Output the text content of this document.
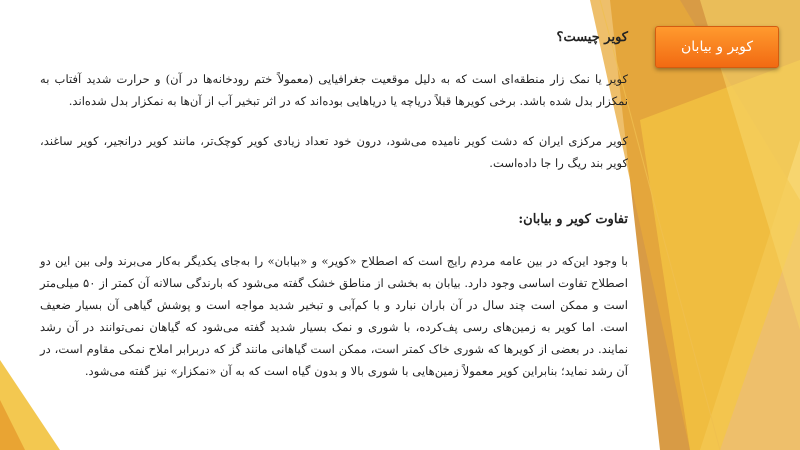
کویر و بیابان

کویر چیست؟

کویر یا نمک زار منطقه‌ای است که به دلیل موقعیت جغرافیایی (معمولاً ختم رودخانه‌ها در آن) و حرارت شدید آفتاب به نمکزار بدل شده باشد. برخی کویرها قبلاً دریاچه یا دریاهایی بوده‌اند که در اثر تبخیر آب از آن‌ها به نمکزار بدل شده‌اند.

کویر مرکزی ایران که دشت کویر نامیده می‌شود، درون خود تعداد زیادی کویر کوچک‌تر، مانند کویر درانجیر، کویر ساغند، کویر بند ریگ را جا داده‌است.

تفاوت کویر و بیابان:

با وجود این‌که در بین عامه مردم رایج است که اصطلاح «کویر» و «بیابان» را به‌جای یکدیگر به‌کار می‌برند ولی بین این دو اصطلاح تفاوت اساسی وجود دارد. بیابان به بخشی از مناطق خشک گفته می‌شود که بارندگی سالانه آن کمتر از ۵۰ میلی‌متر است و ممکن است چند سال در آن باران نبارد و با کم‌آبی و تبخیر شدید مواجه است و پوشش گیاهی آن بسیار ضعیف است. اما کویر به زمین‌های رسی پف‌کرده، با شوری و نمک بسیار شدید گفته می‌شود که گیاهان نمی‌توانند در آن رشد نمایند. در بعضی از کویرها که شوری خاک کمتر است، ممکن است گیاهانی مانند گز که دربرابر املاح نمکی مقاوم است، در آن رشد نماید؛ بنابراین کویر معمولاً زمین‌هایی با شوری بالا و بدون گیاه است که به آن «نمکزار» نیز گفته می‌شود.
